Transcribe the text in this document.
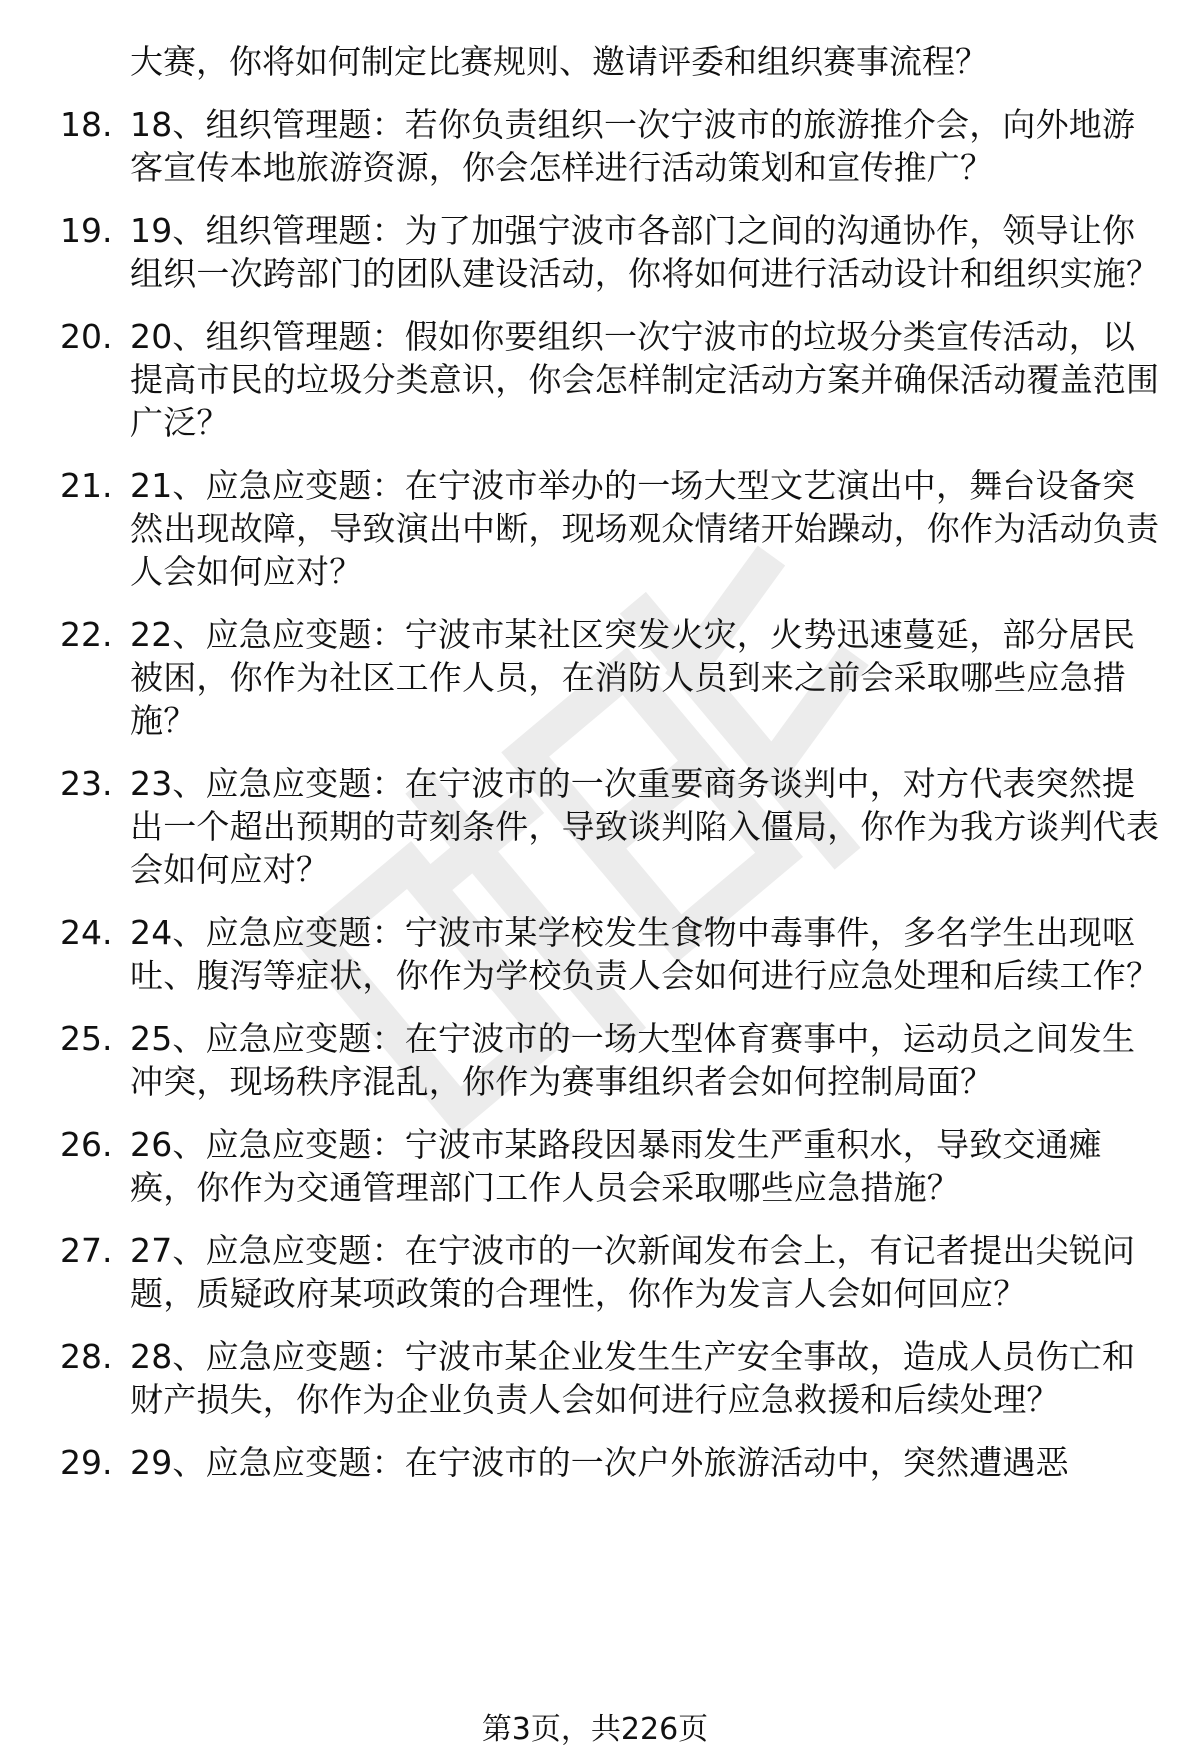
大赛，你将如何制定比赛规则、邀请评委和组织赛事流程？
18. 18、组织管理题：若你负责组织一次宁波市的旅游推介会，向外地游客宣传本地旅游资源，你会怎样进行活动策划和宣传推广？
19. 19、组织管理题：为了加强宁波市各部门之间的沟通协作，领导让你组织一次跨部门的团队建设活动，你将如何进行活动设计和组织实施？
20. 20、组织管理题：假如你要组织一次宁波市的垃圾分类宣传活动，以提高市民的垃圾分类意识，你会怎样制定活动方案并确保活动覆盖范围广泛？
21. 21、应急应变题：在宁波市举办的一场大型文艺演出中，舞台设备突然出现故障，导致演出中断，现场观众情绪开始躁动，你作为活动负责人会如何应对？
22. 22、应急应变题：宁波市某社区突发火灾，火势迅速蔓延，部分居民被困，你作为社区工作人员，在消防人员到来之前会采取哪些应急措施？
23. 23、应急应变题：在宁波市的一次重要商务谈判中，对方代表突然提出一个超出预期的苛刻条件，导致谈判陷入僵局，你作为我方谈判代表会如何应对？
24. 24、应急应变题：宁波市某学校发生食物中毒事件，多名学生出现呕吐、腹泻等症状，你作为学校负责人会如何进行应急处理和后续工作？
25. 25、应急应变题：在宁波市的一场大型体育赛事中，运动员之间发生冲突，现场秩序混乱，你作为赛事组织者会如何控制局面？
26. 26、应急应变题：宁波市某路段因暴雨发生严重积水，导致交通瘫痪，你作为交通管理部门工作人员会采取哪些应急措施？
27. 27、应急应变题：在宁波市的一次新闻发布会上，有记者提出尖锐问题，质疑政府某项政策的合理性，你作为发言人会如何回应？
28. 28、应急应变题：宁波市某企业发生生产安全事故，造成人员伤亡和财产损失，你作为企业负责人会如何进行应急救援和后续处理？
29. 29、应急应变题：在宁波市的一次户外旅游活动中，突然遭遇恶
第3页，共226页
